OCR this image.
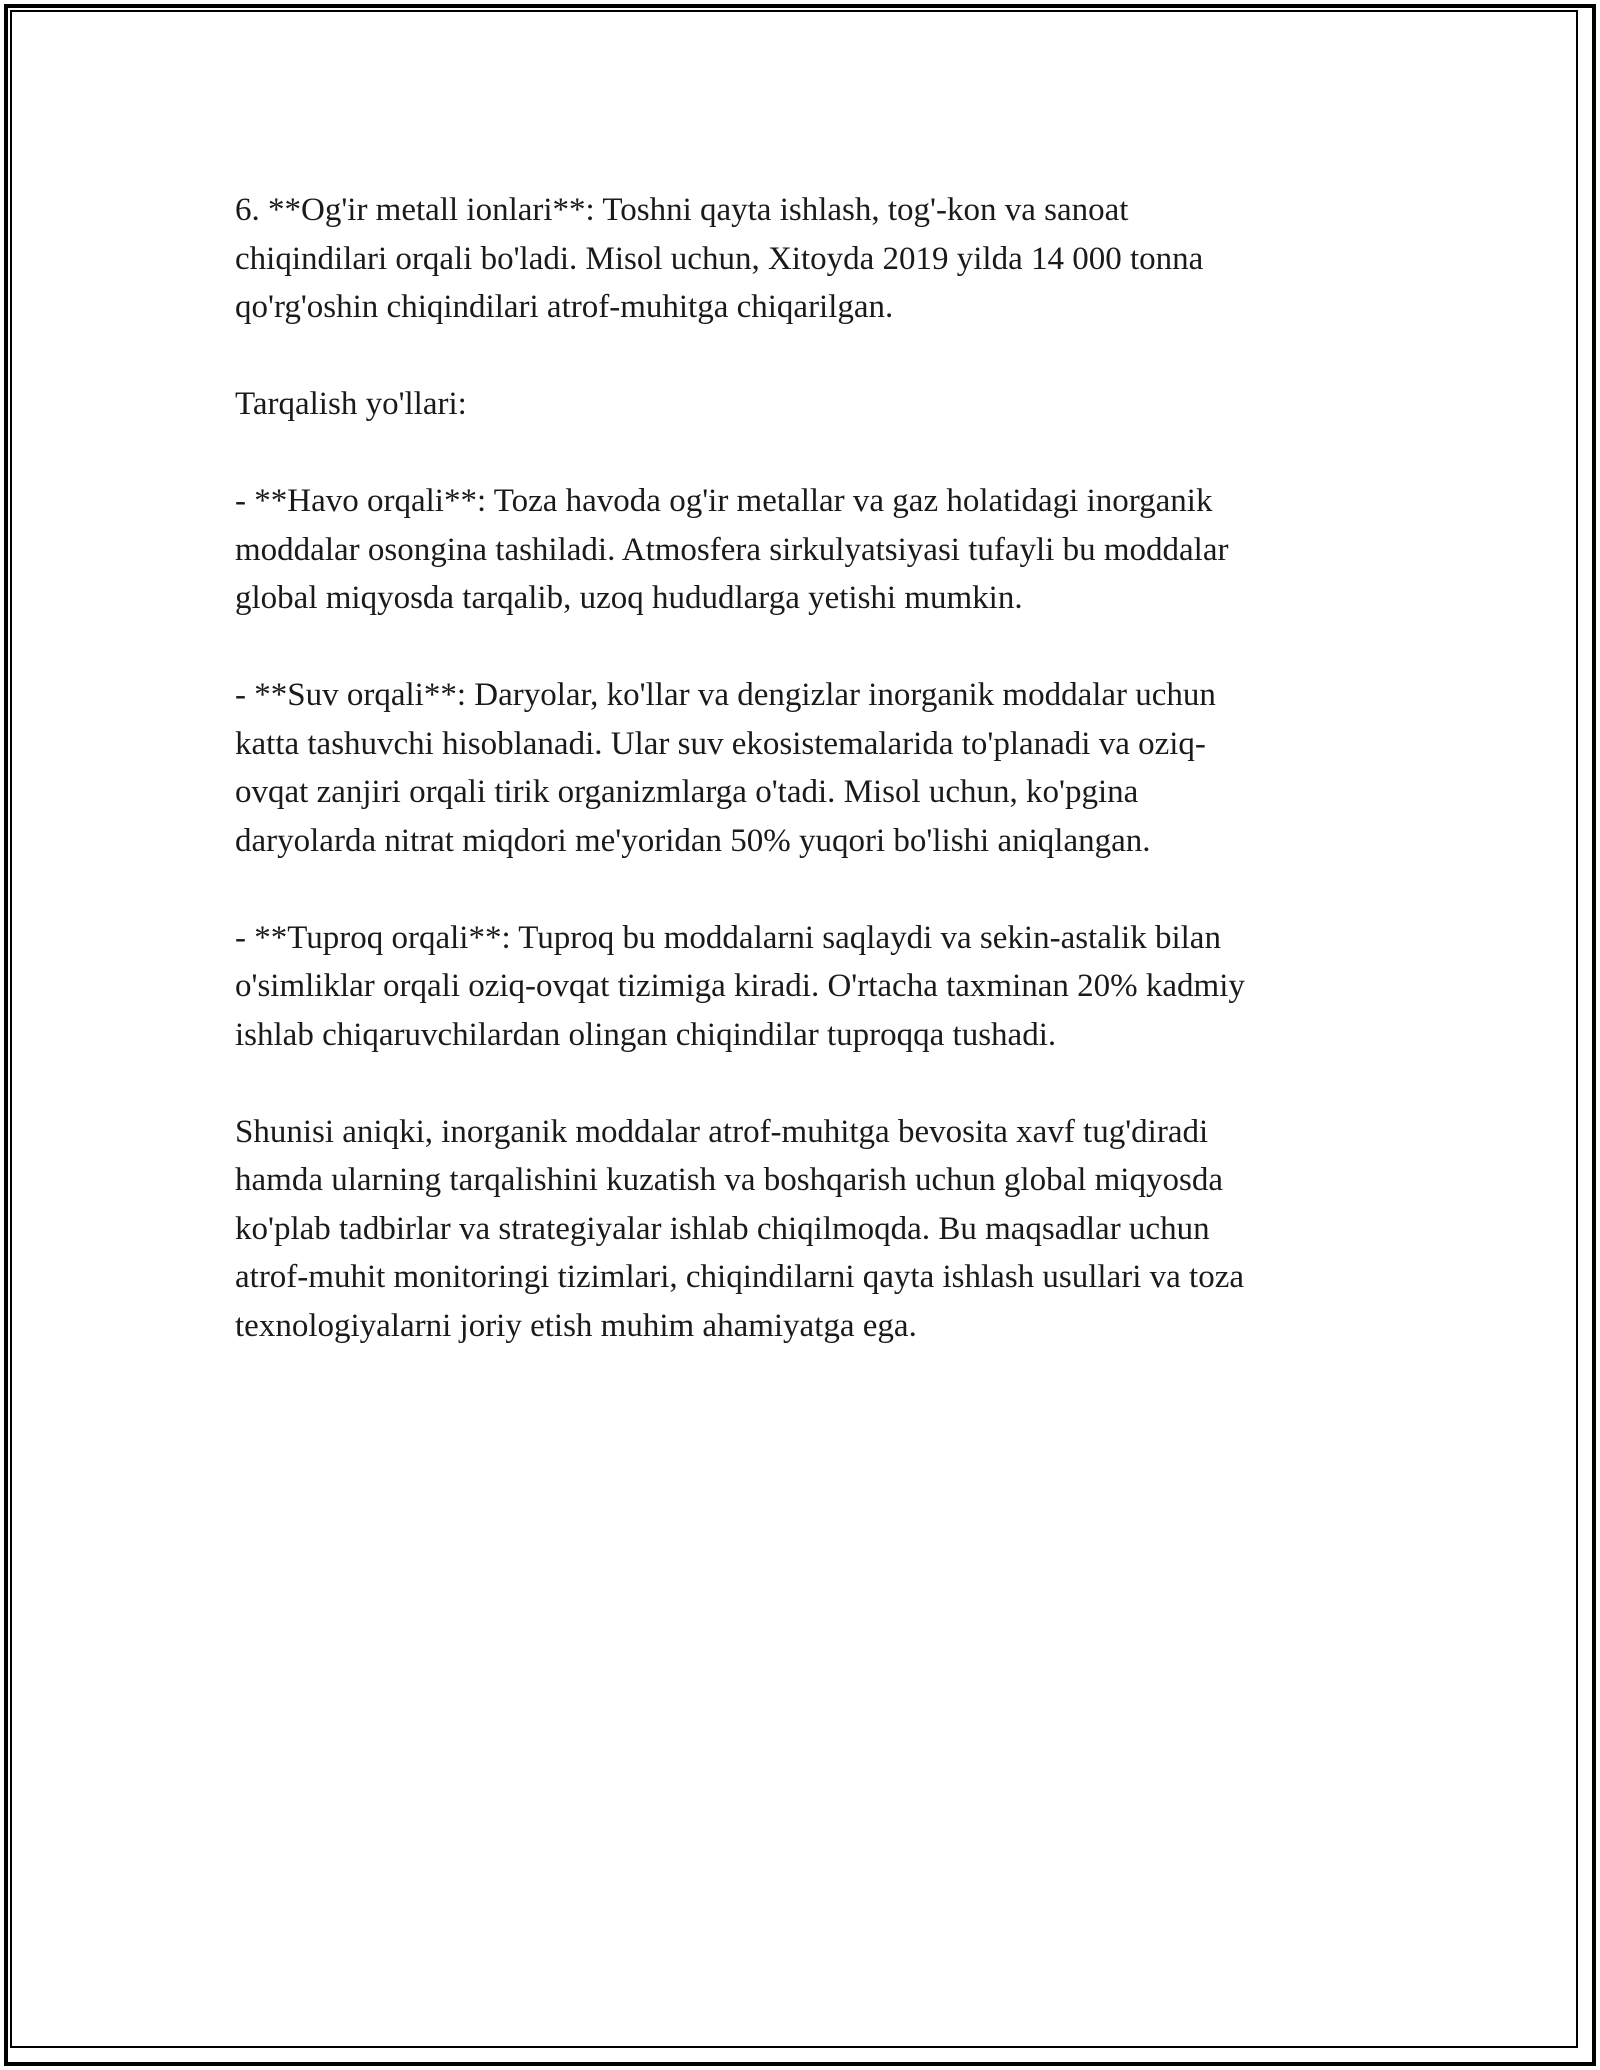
6. **Og'ir metall ionlari**: Toshni qayta ishlash, tog'-kon va sanoat
chiqindilari orqali bo'ladi. Misol uchun, Xitoyda 2019 yilda 14 000 tonna
qo'rg'oshin chiqindilari atrof-muhitga chiqarilgan.

Tarqalish yo'llari:

- **Havo orqali**: Toza havoda og'ir metallar va gaz holatidagi inorganik
moddalar osongina tashiladi. Atmosfera sirkulyatsiyasi tufayli bu moddalar
global miqyosda tarqalib, uzoq hududlarga yetishi mumkin.

- **Suv orqali**: Daryolar, ko'llar va dengizlar inorganik moddalar uchun
katta tashuvchi hisoblanadi. Ular suv ekosistemalarida to'planadi va oziq-
ovqat zanjiri orqali tirik organizmlarga o'tadi. Misol uchun, ko'pgina
daryolarda nitrat miqdori me'yoridan 50% yuqori bo'lishi aniqlangan.

- **Tuproq orqali**: Tuproq bu moddalarni saqlaydi va sekin-astalik bilan
o'simliklar orqali oziq-ovqat tizimiga kiradi. O'rtacha taxminan 20% kadmiy
ishlab chiqaruvchilardan olingan chiqindilar tuproqqa tushadi.

Shunisi aniqki, inorganik moddalar atrof-muhitga bevosita xavf tug'diradi
hamda ularning tarqalishini kuzatish va boshqarish uchun global miqyosda
ko'plab tadbirlar va strategiyalar ishlab chiqilmoqda. Bu maqsadlar uchun
atrof-muhit monitoringi tizimlari, chiqindilarni qayta ishlash usullari va toza
texnologiyalarni joriy etish muhim ahamiyatga ega.
